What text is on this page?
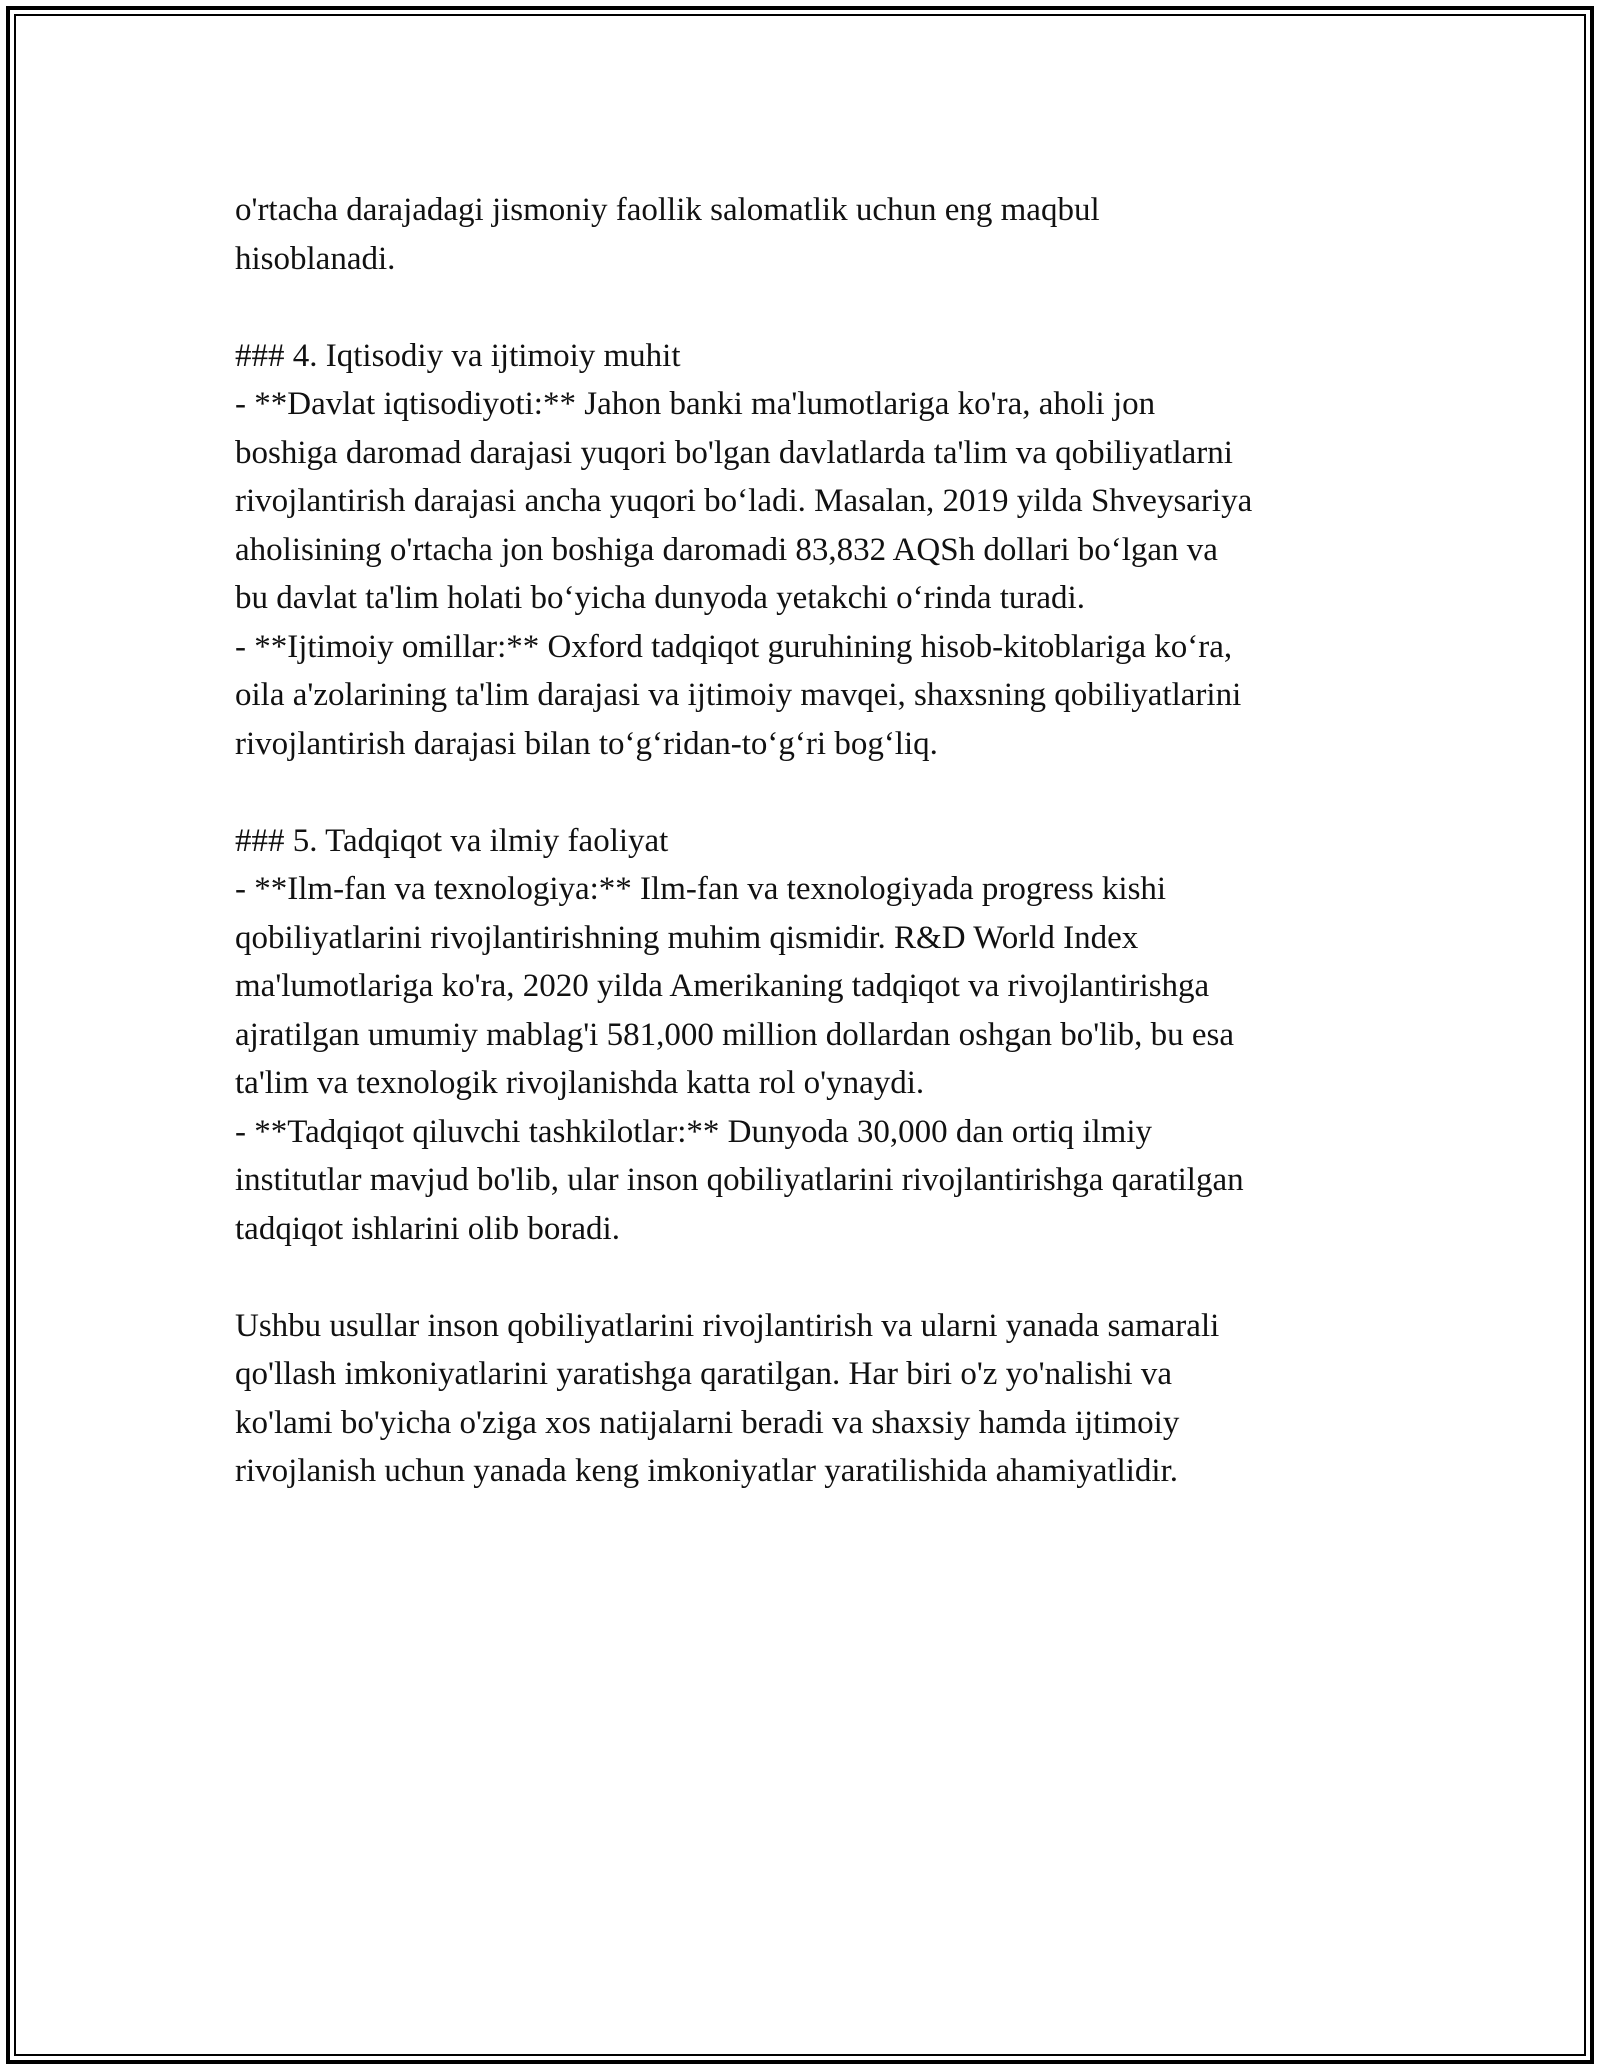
o'rtacha darajadagi jismoniy faollik salomatlik uchun eng maqbul
hisoblanadi.
### 4. Iqtisodiy va ijtimoiy muhit
- **Davlat iqtisodiyoti:** Jahon banki ma'lumotlariga ko'ra, aholi jon
boshiga daromad darajasi yuqori bo'lgan davlatlarda ta'lim va qobiliyatlarni
rivojlantirish darajasi ancha yuqori bo‘ladi. Masalan, 2019 yilda Shveysariya
aholisining o'rtacha jon boshiga daromadi 83,832 AQSh dollari bo‘lgan va
bu davlat ta'lim holati bo‘yicha dunyoda yetakchi o‘rinda turadi.
- **Ijtimoiy omillar:** Oxford tadqiqot guruhining hisob-kitoblariga ko‘ra,
oila a'zolarining ta'lim darajasi va ijtimoiy mavqei, shaxsning qobiliyatlarini
rivojlantirish darajasi bilan to‘g‘ridan-to‘g‘ri bog‘liq.
### 5. Tadqiqot va ilmiy faoliyat
- **Ilm-fan va texnologiya:** Ilm-fan va texnologiyada progress kishi
qobiliyatlarini rivojlantirishning muhim qismidir. R&D World Index
ma'lumotlariga ko'ra, 2020 yilda Amerikaning tadqiqot va rivojlantirishga
ajratilgan umumiy mablag'i 581,000 million dollardan oshgan bo'lib, bu esa
ta'lim va texnologik rivojlanishda katta rol o'ynaydi.
- **Tadqiqot qiluvchi tashkilotlar:** Dunyoda 30,000 dan ortiq ilmiy
institutlar mavjud bo'lib, ular inson qobiliyatlarini rivojlantirishga qaratilgan
tadqiqot ishlarini olib boradi.
Ushbu usullar inson qobiliyatlarini rivojlantirish va ularni yanada samarali
qo'llash imkoniyatlarini yaratishga qaratilgan. Har biri o'z yo'nalishi va
ko'lami bo'yicha o'ziga xos natijalarni beradi va shaxsiy hamda ijtimoiy
rivojlanish uchun yanada keng imkoniyatlar yaratilishida ahamiyatlidir.
